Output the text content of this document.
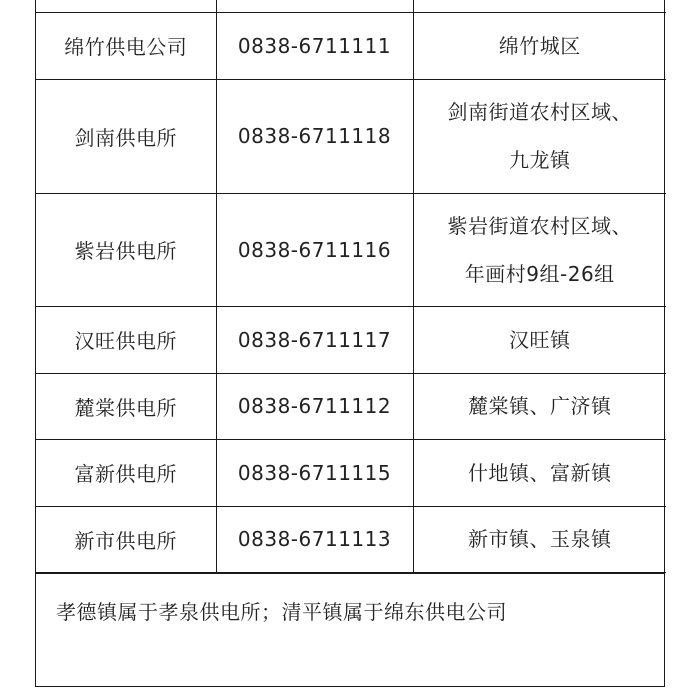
绵竹供电公司	0838-6711111	绵竹城区

剑南供电所	0838-6711118	剑南街道农村区域、
九龙镇

紫岩供电所	0838-6711116	紫岩街道农村区域、
年画村9组-26组

汉旺供电所	0838-6711117	汉旺镇

麓棠供电所	0838-6711112	麓棠镇、广济镇

富新供电所	0838-6711115	什地镇、富新镇

新市供电所	0838-6711113	新市镇、玉泉镇
孝德镇属于孝泉供电所；清平镇属于绵东供电公司
